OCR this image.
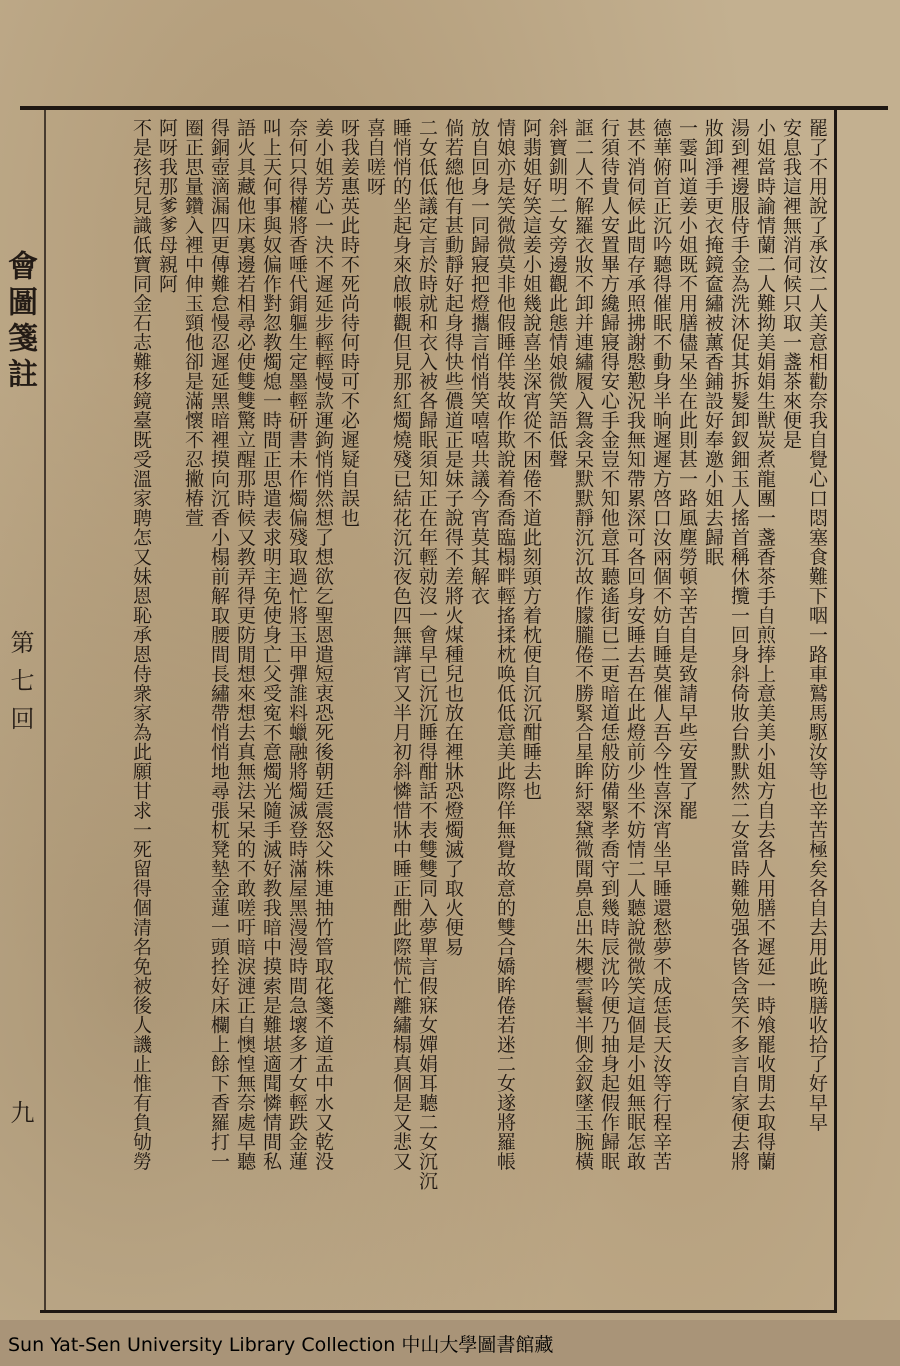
會圖箋註
第七回
九	罷了不用說了承汝二人美意相勸奈我自覺心口悶塞食難下咽一路車鷲馬駆汝等也辛苦極矣各自去用此晩膳收拾了好早早

安息我這裡無消伺候只取一盞茶來便是

小姐當時諭情蘭二人難拗美娟娟生獣炭煮龍團一盞香茶手自煎捧上意美美小姐方自去各人用膳不遲延一時飧罷收閒去取得蘭

湯到裡邊服侍手金為洗沐促其拆髮卸釵鈿玉人搖首稱休攬一回身斜倚妝台默默然二女當時難勉强各皆含笑不多言自家便去將

妝卸淨手更衣掩鏡奩繡被薰香鋪設好奉邀小姐去歸眠

一霎叫道姜小姐既不用膳儘呆坐在此則甚一路風塵勞頓辛苦自是致請早些安置了罷

德華俯首正沉吟聽得催眠不動身半晌遲遲方啓口汝兩個不妨自睡莫催人吾今性喜深宵坐早睡還愁夢不成恁長天汝等行程辛苦

甚不消伺候此間存承照拂謝慇懃況我無知帶累深可各回身安睡去吾在此燈前少坐不妨情二人聽說微微笑這個是小姐無眠怎敢

行須待貴人安置畢方纔歸寢得安心手金豈不知他意耳聽遙街已二更暗道恁般防備緊孝喬守到幾時辰沈吟便乃抽身起假作歸眠

誆二人不解羅衣妝不卸并連繡履入鴛衾呆默默靜沉沉故作朦朧倦不勝緊合星眸紆翠黛微聞鼻息出朱櫻雲鬟半側金釵墜玉腕橫

斜寶釧明二女旁邊觀此態情娘微笑語低聲

阿翡姐好笑這姜小姐幾說喜坐深宵從不困倦不道此刻頭方着枕便自沉沉酣睡去也

情娘亦是笑微微莫非他假睡佯裝故作欺說着喬喬臨榻畔輕搖揉枕唤低低意美此際佯無覺故意的雙合嬌眸倦若迷二女遂將羅帳

放自回身一同歸寢把燈攜言悄悄笑嘻嘻共議今宵莫其解衣

倘若總他有甚動靜好起身得快些儂道正是妹子說得不差將火煤種兒也放在裡牀恐燈燭滅了取火便易

二女低低議定言於時就和衣入被各歸眠須知正在年輕勍沒一會早已沉沉睡得酣話不表雙雙同入夢單言假寐女嬋娟耳聽二女沉沉

睡悄悄的坐起身來啟帳觀但見那紅燭燒殘已結花沉沉夜色四無譁宵又半月初斜憐惜牀中睡正酣此際慌忙離繡榻真個是又悲又

喜自嗟呀

呀我姜惠英此時不死尚待何時可不必遲疑自誤也

姜小姐芳心一決不遲延步輕輕慢款運鉤悄悄然想了想欲乞聖恩遣短衷恐死後朝廷震怒父株連抽竹管取花箋不道盂中水又乾没

奈何只得權將香唾代鋗軀生定墨輕研書未作燭偏殘取過忙將玉甲彈誰料蠟融將燭滅登時滿屋黑漫漫時間急壞多才女輕跌金蓮

叫上天何事與奴偏作對忽教燭熄一時間正思遣表求明主免使身亡父受寃不意燭光隨手滅好教我暗中摸索是難堪適聞憐情間私

語火具藏他床裏邊若相尋必使雙雙驚立醒那時候又教弄得更防閒想來想去真無法呆呆的不敢嗟吁暗淚漣正自懊惶無奈處早聽

得銅壺滴漏四更傳難怠慢忍遲延黑暗裡摸向沉香小榻前解取腰間長繡帶悄悄地尋張杌凳墊金蓮一頭拴好床欄上餘下香羅打一

圈正思量鑽入裡中伸玉頸他卻是滿懷不忍撇椿萱

阿呀我那爹爹母親阿

不是孩兒見識低寶同金石志難移鏡臺既受溫家聘怎又妹恩恥承恩侍衆家為此願甘求一死留得個清名免被後人譏止惟有負劬勞

Sun Yat-Sen University Library Collection 中山大學圖書館藏
